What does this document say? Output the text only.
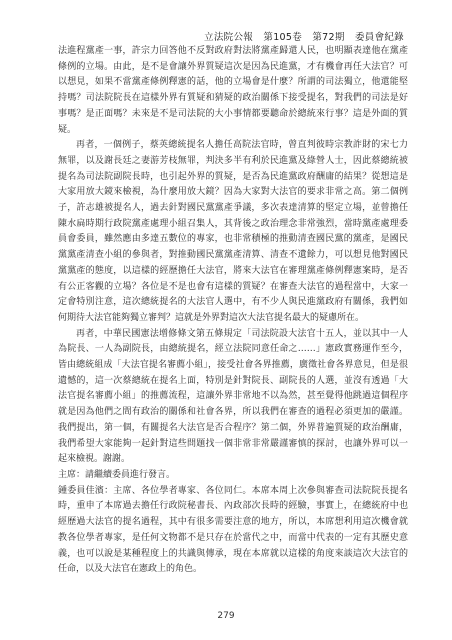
立法院公報 第105卷 第72期 委員會紀錄

法進程黨產一事，許宗力回答他不反對政府對法將黨產歸還人民，也明顯表達他在黨產條例的立場。由此，是不是會讓外界質疑這次是因為民進黨，才有機會再任大法官？可以想見，如果不當黨產條例釋憲的話，他的立場會是什麼？所謂的司法獨立，他還能堅持嗎？司法院院長在這樣外界有質疑和猜疑的政治關係下接受提名，對我們的司法是好事嗎？是正面嗎？未來是不是司法院的大小事情都要聽命於總統來行事？這是外面的質疑。

再者，一個例子，蔡英總統提名人擔任高院法官時，曾直判彼時宗教詐財的宋七力無罪，以及謝長廷之妻游芳枝無罪，判決多半有利於民進黨及綠營人士，因此蔡總統被提名為司法院副院長時，也引起外界的質疑，是否為民進黨政府酬庸的結果？從想這是大家用放大鏡來檢視，為什麼用放大鏡？因為大家對大法官的要求非常之高。第二個例子，許志雄被提名人，過去針對國民黨黨產爭議，多次表達清算的堅定立場，並曾擔任陳水扁時期行政院黨產處理小組召集人，其背後之政治理念非常強烈，當時黨產處理委員會委員，雖然應由多達五數位的專家，也非常積極的推動清查國民黨的黨產，是國民黨黨產清查小組的參與者，對推動國民黨黨產清算、清查不遺餘力，可以想見他對國民黨黨產的態度，以這樣的經歷擔任大法官，將來大法官在審理黨產條例釋憲案時，是否有公正客觀的立場？各位是不是也會有這樣的質疑？在審查大法官的過程當中，大家一定會特別注意，這次總統提名的大法官人選中，有不少人與民進黨政府有關係，我們如何期待大法官能夠獨立審判？這就是外界對這次大法官提名最大的疑慮所在。

再者，中華民國憲法增修條文第五條規定「司法院設大法官十五人，並以其中一人為院長、一人為副院長，由總統提名，經立法院同意任命之……」憲政實務運作至今，皆由總統組成「大法官提名審薦小組」，接受社會各界推薦，廣徵社會各界意見，但是很遺憾的，這一次蔡總統在提名上面，特別是針對院長、副院長的人選，並沒有透過「大法官提名審薦小組」的推薦流程，這讓外界非常地不以為然，甚至覺得他跳過這個程序就是因為他們之間有政治的關係和社會各界，所以我們在審查的過程必須更加的嚴謹。我們提出，第一個，有關提名大法官是否合程序？第二個，外界普遍質疑的政治酬庸，我們希望大家能夠一起針對這些問題找一個非常非常嚴謹審慎的探討，也讓外界可以一起來檢視。謝謝。

主席：請繼續委員進行發言。

鍾委員佳濱：主席、各位學者專家、各位同仁。本席本周上次參與審查司法院院長提名時，重申了本席過去擔任行政院秘書長、內政部次長時的經驗，事實上，在總統府中也經歷過大法官的提名過程，其中有很多需要注意的地方，所以，本席想利用這次機會就教各位學者專家，是任何文物都不是只存在於當代之中，而當中代表的一定有其歷史意義，也可以說是某種程度上的共識與傳承，現在本席就以這樣的角度來談這次大法官的任命，以及大法官在憲政上的角色。

279
